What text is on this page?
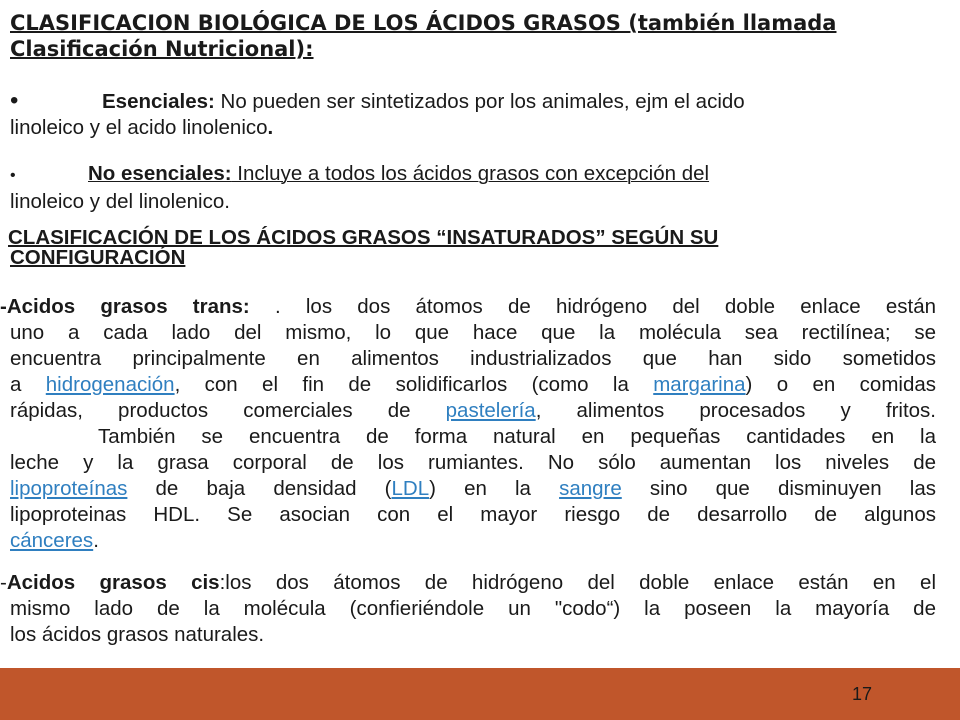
CLASIFICACION BIOLÓGICA DE LOS ÁCIDOS GRASOS (también llamada
Clasificación Nutricional):

•	Esenciales: No pueden ser sintetizados por los animales, ejm el acido
linoleico y el acido linolenico.

•	No esenciales: Incluye a todos los ácidos grasos con excepción del
linoleico y del linolenico.

CLASIFICACIÓN DE LOS ÁCIDOS GRASOS “INSATURADOS” SEGÚN SU
CONFIGURACIÓN
-Acidos grasos trans: . los dos átomos de hidrógeno del doble enlace están
uno a cada lado del mismo, lo que hace que la molécula sea rectilínea; se
encuentra principalmente en alimentos industrializados que han sido sometidos
a hidrogenación, con el fin de solidificarlos (como la margarina) o en comidas
rápidas, productos comerciales de pastelería, alimentos procesados y fritos.
También se encuentra de forma natural en pequeñas cantidades en la
leche y la grasa corporal de los rumiantes. No sólo aumentan los niveles de
lipoproteínas de baja densidad (LDL) en la sangre sino que disminuyen las
lipoproteinas HDL. Se asocian con el mayor riesgo de desarrollo de algunos
cánceres.
-Acidos grasos cis:los dos átomos de hidrógeno del doble enlace están en el
mismo lado de la molécula (confieriéndole un "codo“) la poseen la mayoría de
los ácidos grasos naturales.
17
